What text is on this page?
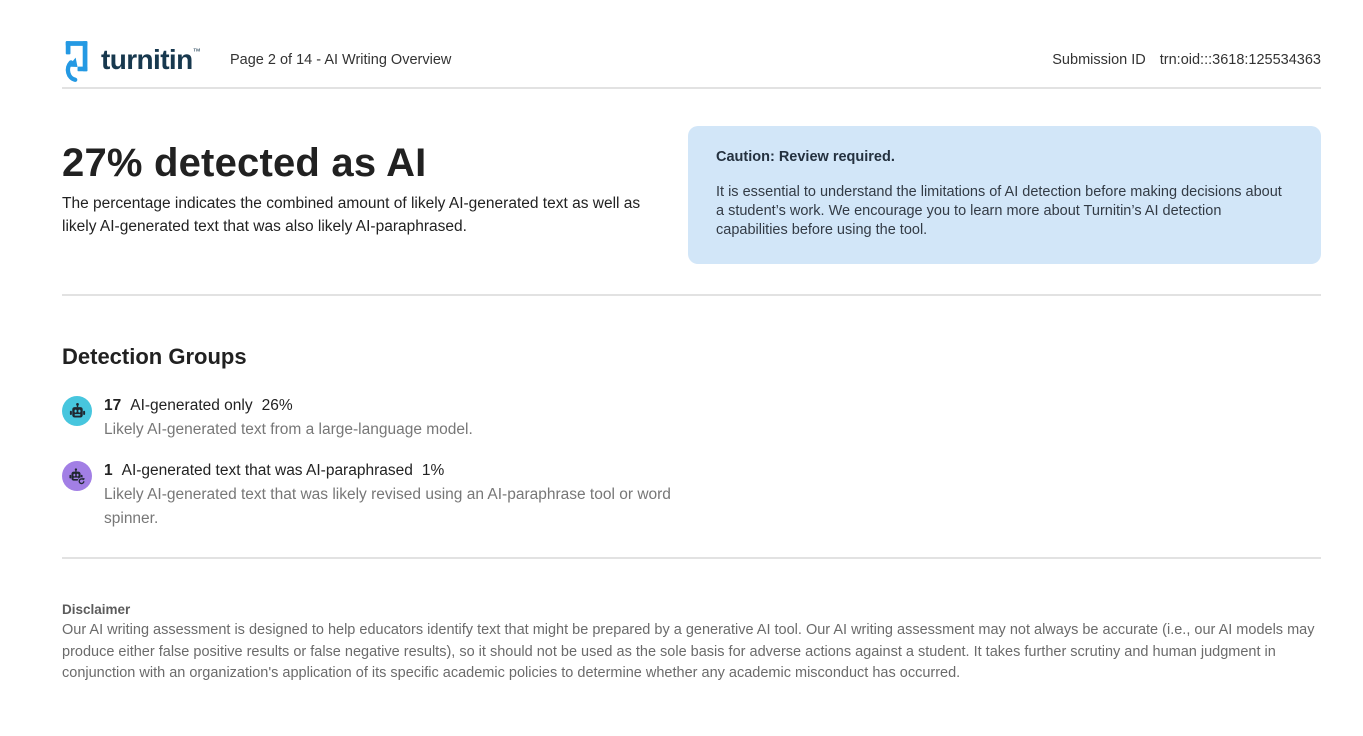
turnitin™
Page 2 of 14 - AI Writing Overview	Submission ID trn:oid:::3618:125534363
27% detected as AI

The percentage indicates the combined amount of likely AI-generated text as well as likely AI-generated text that was also likely AI-paraphrased.

Caution: Review required.

It is essential to understand the limitations of AI detection before making decisions about a student’s work. We encourage you to learn more about Turnitin’s AI detection capabilities before using the tool.

Detection Groups
17 AI-generated only 26%
Likely AI-generated text from a large-language model.
1 AI-generated text that was AI-paraphrased 1%
Likely AI-generated text that was likely revised using an AI-paraphrase tool or word spinner.

Disclaimer

Our AI writing assessment is designed to help educators identify text that might be prepared by a generative AI tool. Our AI writing assessment may not always be accurate (i.e., our AI models may produce either false positive results or false negative results), so it should not be used as the sole basis for adverse actions against a student. It takes further scrutiny and human judgment in conjunction with an organization's application of its specific academic policies to determine whether any academic misconduct has occurred.
